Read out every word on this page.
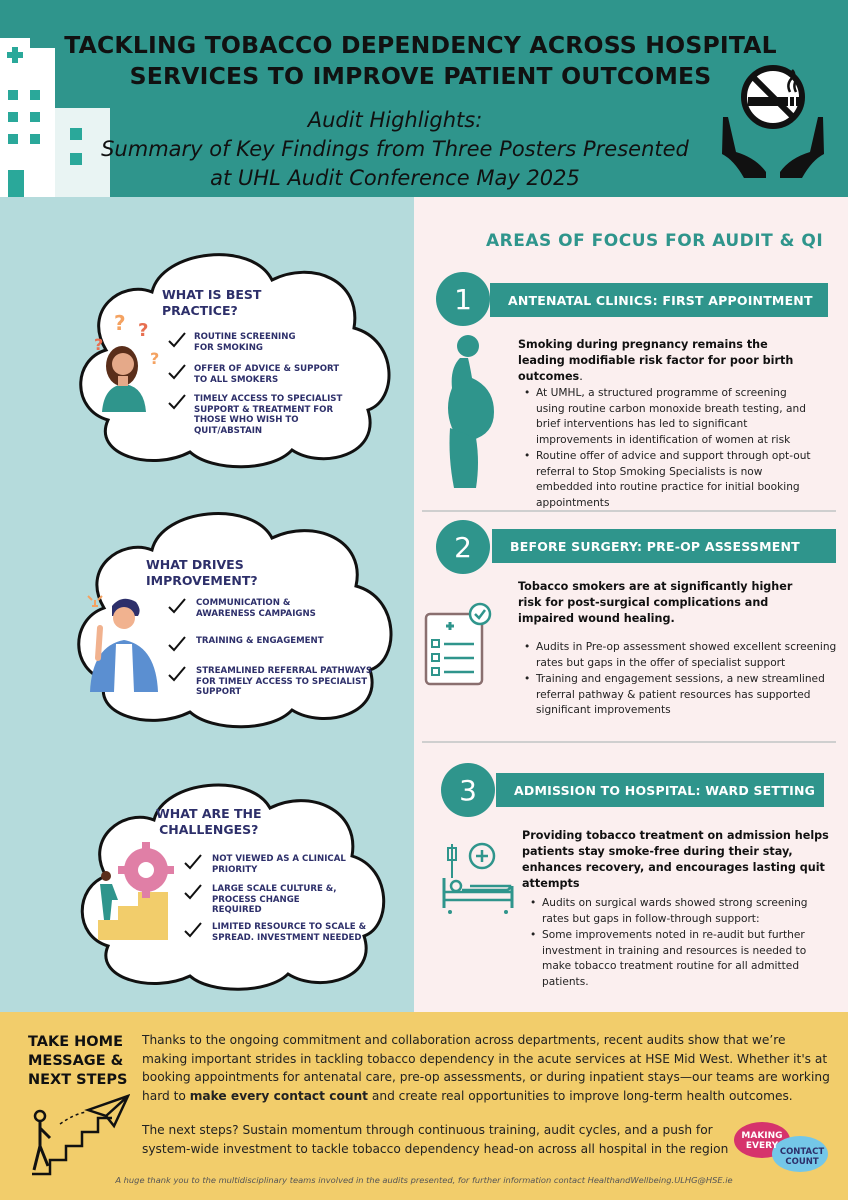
TACKLING TOBACCO DEPENDENCY ACROSS HOSPITAL
SERVICES TO IMPROVE PATIENT OUTCOMES
Audit Highlights:
Summary of Key Findings from Three Posters Presented
at UHL Audit Conference May 2025
WHAT IS BEST
PRACTICE?
?
? ?
?
ROUTINE SCREENING
FOR SMOKING
OFFER OF ADVICE & SUPPORT
TO ALL SMOKERS
TIMELY ACCESS TO SPECIALIST
SUPPORT & TREATMENT FOR
THOSE WHO WISH TO
QUIT/ABSTAIN
WHAT DRIVES
IMPROVEMENT?
COMMUNICATION &
AWARENESS CAMPAIGNS
TRAINING & ENGAGEMENT
STREAMLINED REFERRAL PATHWAYS
FOR TIMELY ACCESS TO SPECIALIST
SUPPORT
WHAT ARE THE
CHALLENGES?
NOT VIEWED AS A CLINICAL
PRIORITY
LARGE SCALE CULTURE &,
PROCESS CHANGE
REQUIRED
LIMITED RESOURCE TO SCALE &
SPREAD. INVESTMENT NEEDED
AREAS OF FOCUS FOR AUDIT & QI
ANTENATAL CLINICS: FIRST APPOINTMENT
1
Smoking during pregnancy remains the leading modifiable risk factor for poor birth outcomes.
• At UMHL, a structured programme of screening using routine carbon monoxide breath testing, and brief interventions has led to significant improvements in identification of women at risk
• Routine offer of advice and support through opt-out referral to Stop Smoking Specialists is now embedded into routine practice for initial booking appointments
BEFORE SURGERY: PRE-OP ASSESSMENT
2
Tobacco smokers are at significantly higher risk for post-surgical complications and impaired wound healing.
• Audits in Pre-op assessment showed excellent screening rates but gaps in the offer of specialist support
• Training and engagement sessions, a new streamlined referral pathway & patient resources has supported significant improvements
ADMISSION TO HOSPITAL: WARD SETTING
3
Providing tobacco treatment on admission helps patients stay smoke-free during their stay, enhances recovery, and encourages lasting quit attempts
• Audits on surgical wards showed strong screening rates but gaps in follow-through support:
• Some improvements noted in re-audit but further investment in training and resources is needed to make tobacco treatment routine for all admitted patients.
TAKE HOME
MESSAGE &
NEXT STEPS
Thanks to the ongoing commitment and collaboration across departments, recent audits show that we’re making important strides in tackling tobacco dependency in the acute services at HSE Mid West. Whether it's at booking appointments for antenatal care, pre-op assessments, or during inpatient stays—our teams are working hard to make every contact count and create real opportunities to improve long-term health outcomes.
The next steps? Sustain momentum through continuous training, audit cycles, and a push for system-wide investment to tackle tobacco dependency head-on across all hospital in the region
MAKING
EVERY
CONTACT
COUNT
A huge thank you to the multidisciplinary teams involved in the audits presented, for further information contact HealthandWellbeing.ULHG@HSE.ie
